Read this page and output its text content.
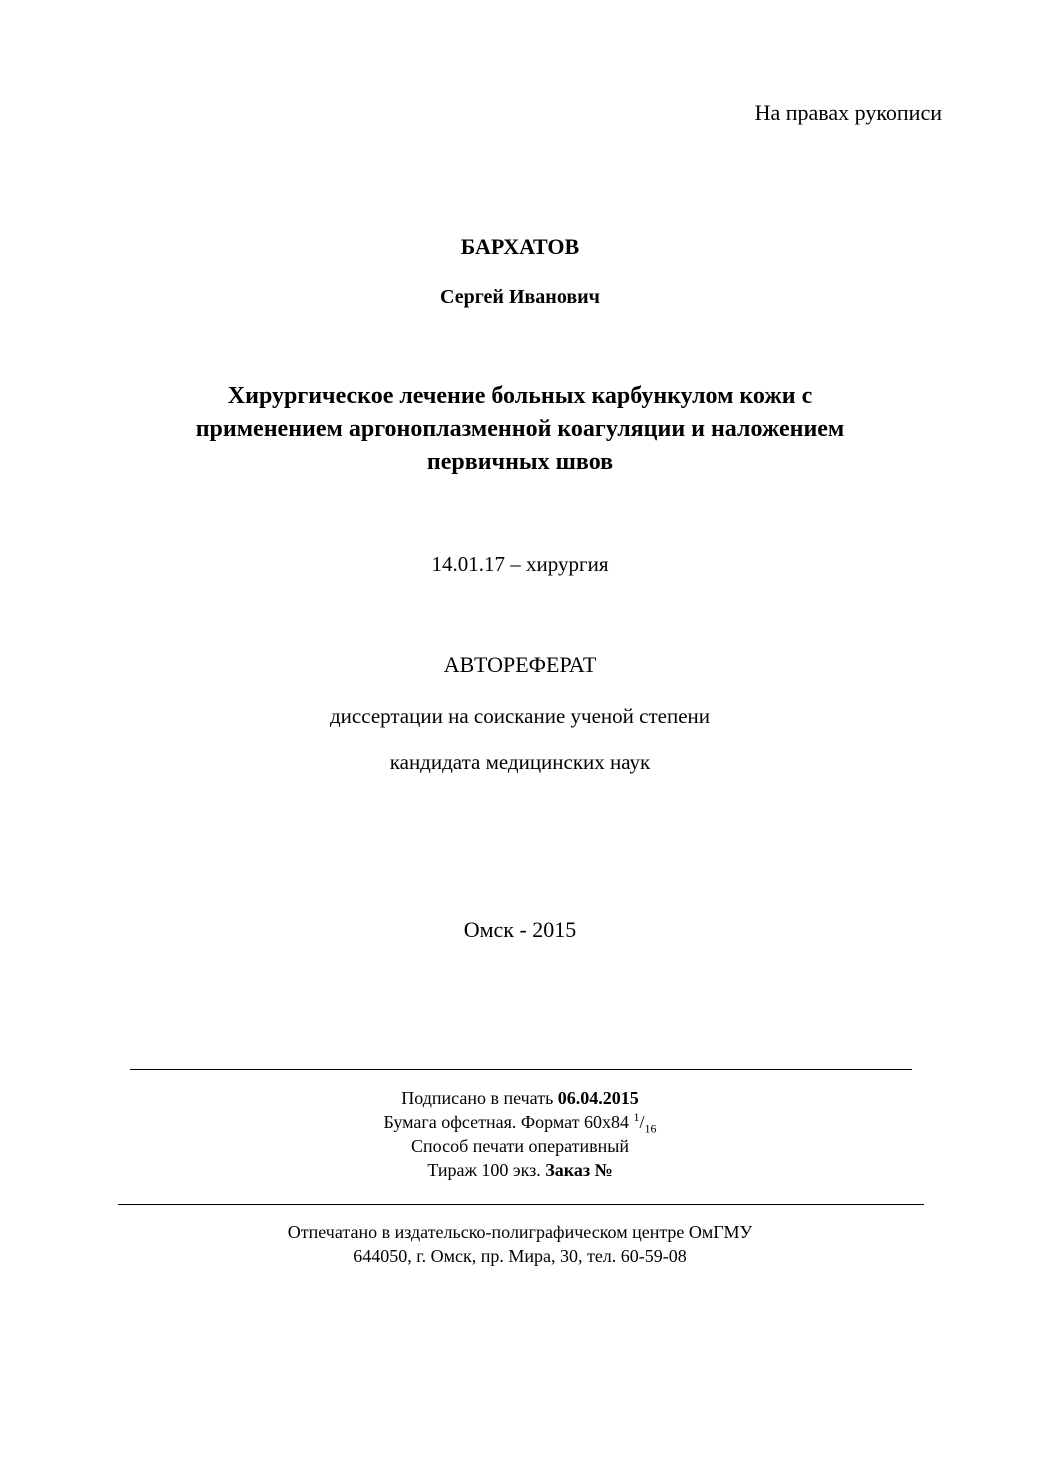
На правах рукописи
БАРХАТОВ
Сергей Иванович
Хирургическое лечение больных карбункулом кожи с
применением аргоноплазменной коагуляции и наложением
первичных швов
14.01.17 – хирургия
АВТОРЕФЕРАТ
диссертации на соискание ученой степени
кандидата медицинских наук
Омск - 2015
Подписано в печать 06.04.2015
Бумага офсетная. Формат 60х84 $^1/_{16}$
Способ печати оперативный
Тираж 100 экз. Заказ №
Отпечатано в издательско-полиграфическом центре ОмГМУ
644050, г. Омск, пр. Мира, 30, тел. 60-59-08
